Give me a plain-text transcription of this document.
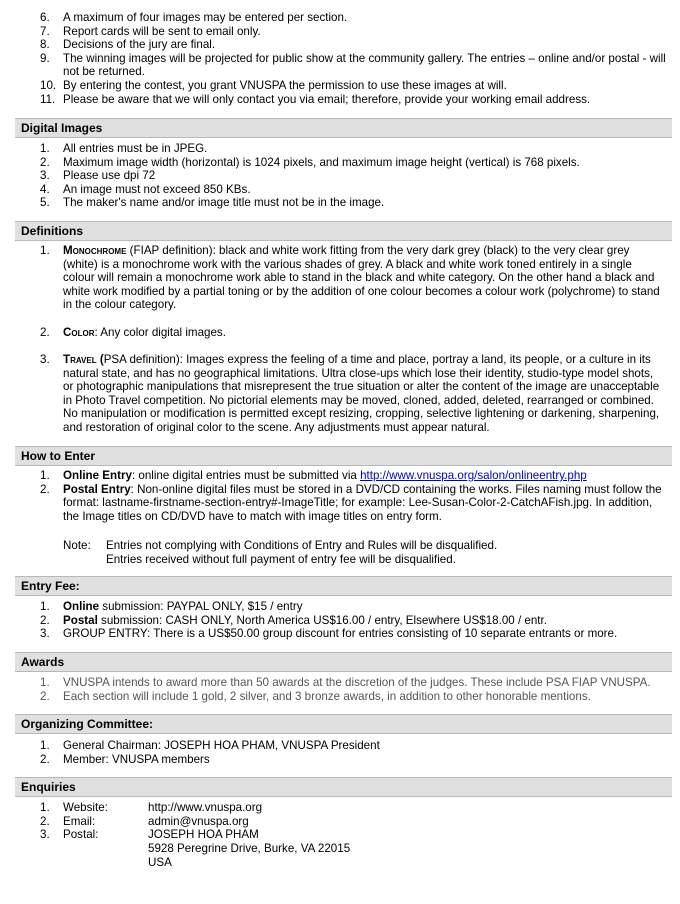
6.	A maximum of four images may be entered per section.
7.	Report cards will be sent to email only.
8.	Decisions of the jury are final.
9.	The winning images will be projected for public show at the community gallery. The entries – online and/or postal - will not be returned.
10. By entering the contest, you grant VNUSPA the permission to use these images at will.
11. Please be aware that we will only contact you via email; therefore, provide your working email address.
Digital Images
1.	All entries must be in JPEG.
2.	Maximum image width (horizontal) is 1024 pixels, and maximum image height (vertical) is 768 pixels.
3.	Please use dpi 72
4.	An image must not exceed 850 KBs.
5.	The maker's name and/or image title must not be in the image.
Definitions
1.	Monochrome (FIAP definition): black and white work fitting from the very dark grey (black) to the very clear grey (white) is a monochrome work with the various shades of grey. A black and white work toned entirely in a single colour will remain a monochrome work able to stand in the black and white category. On the other hand a black and white work modified by a partial toning or by the addition of one colour becomes a colour work (polychrome) to stand in the colour category.
2.	Color: Any color digital images.
3.	Travel (PSA definition): Images express the feeling of a time and place, portray a land, its people, or a culture in its natural state, and has no geographical limitations. Ultra close-ups which lose their identity, studio-type model shots, or photographic manipulations that misrepresent the true situation or alter the content of the image are unacceptable in Photo Travel competition. No pictorial elements may be moved, cloned, added, deleted, rearranged or combined. No manipulation or modification is permitted except resizing, cropping, selective lightening or darkening, sharpening, and restoration of original color to the scene. Any adjustments must appear natural.
How to Enter
1.	Online Entry: online digital entries must be submitted via http://www.vnuspa.org/salon/onlineentry.php
2.	Postal Entry: Non-online digital files must be stored in a DVD/CD containing the works. Files naming must follow the format: lastname-firstname-section-entry#-ImageTitle; for example: Lee-Susan-Color-2-CatchAFish.jpg. In addition, the Image titles on CD/DVD have to match with image titles on entry form.
Note: Entries not complying with Conditions of Entry and Rules will be disqualified.
Entries received without full payment of entry fee will be disqualified.
Entry Fee:
1.	Online submission: PAYPAL ONLY, $15 / entry
2.	Postal submission: CASH ONLY, North America US$16.00 / entry, Elsewhere US$18.00 / entr.
3.	GROUP ENTRY: There is a US$50.00 group discount for entries consisting of 10 separate entrants or more.
Awards
1.	VNUSPA intends to award more than 50 awards at the discretion of the judges. These include PSA FIAP VNUSPA.
2.	Each section will include 1 gold, 2 silver, and 3 bronze awards, in addition to other honorable mentions.
Organizing Committee:
1.	General Chairman: JOSEPH HOA PHAM, VNUSPA President
2.	Member: VNUSPA members
Enquiries
1. Website:	http://www.vnuspa.org
2. Email:	admin@vnuspa.org
3. Postal:	JOSEPH HOA PHAM
5928 Peregrine Drive, Burke, VA 22015
USA
